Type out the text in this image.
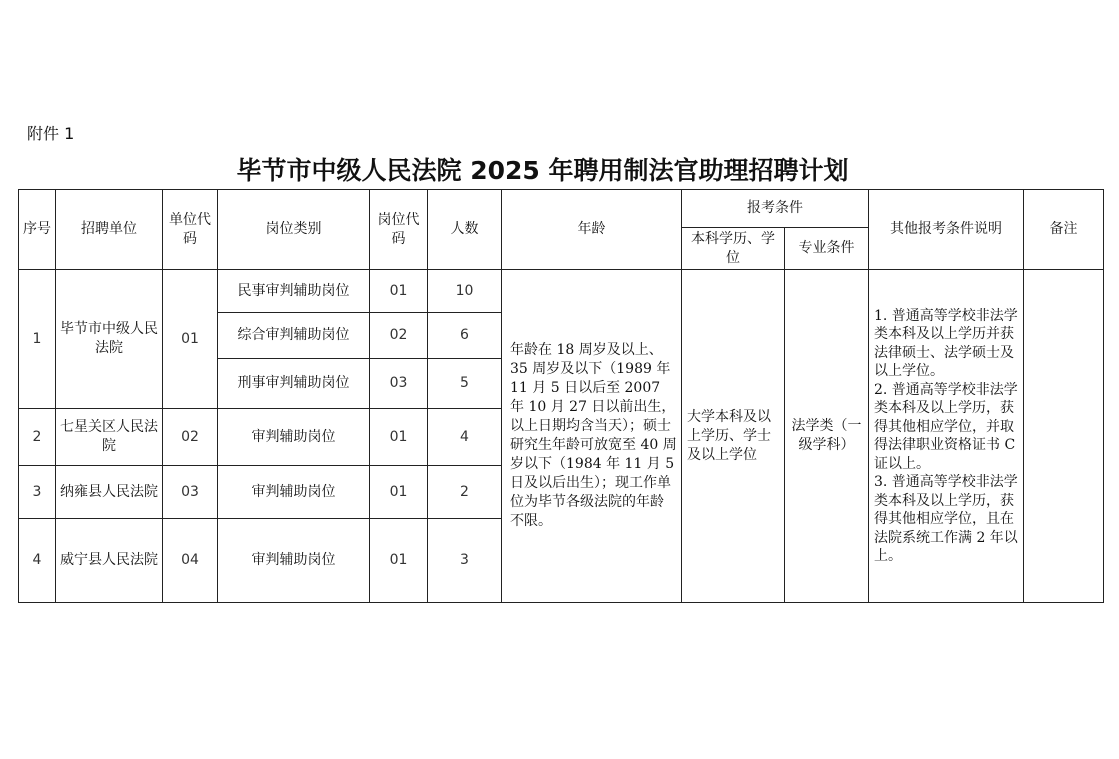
附件 1
毕节市中级人民法院 2025 年聘用制法官助理招聘计划
序号	招聘单位	单位代码	岗位类别	岗位代码	人数	年龄	报考条件		其他报考条件说明	备注
							本科学历、学位	专业条件		
1	毕节市中级人民法院	01	民事审判辅助岗位	01	10	年龄在 18 周岁及以上、35 周岁及以下（1989 年 11 月 5 日以后至 2007 年 10 月 27 日以前出生，以上日期均含当天）；硕士研究生年龄可放宽至 40 周岁以下（1984 年 11 月 5 日及以后出生）；现工作单位为毕节各级法院的年龄不限。	大学本科及以上学历、学士及以上学位	法学类（一级学科）	1. 普通高等学校非法学类本科及以上学历并获法律硕士、法学硕士及以上学位。
2. 普通高等学校非法学类本科及以上学历，获得其他相应学位，并取得法律职业资格证书 C 证以上。
3. 普通高等学校非法学类本科及以上学历，获得其他相应学位，且在法院系统工作满 2 年以上。	

			综合审判辅助岗位	02	6					
			刑事审判辅助岗位	03	5					
2	七星关区人民法院	02	审判辅助岗位	01	4					
3	纳雍县人民法院	03	审判辅助岗位	01	2					
4	威宁县人民法院	04	审判辅助岗位	01	3					
